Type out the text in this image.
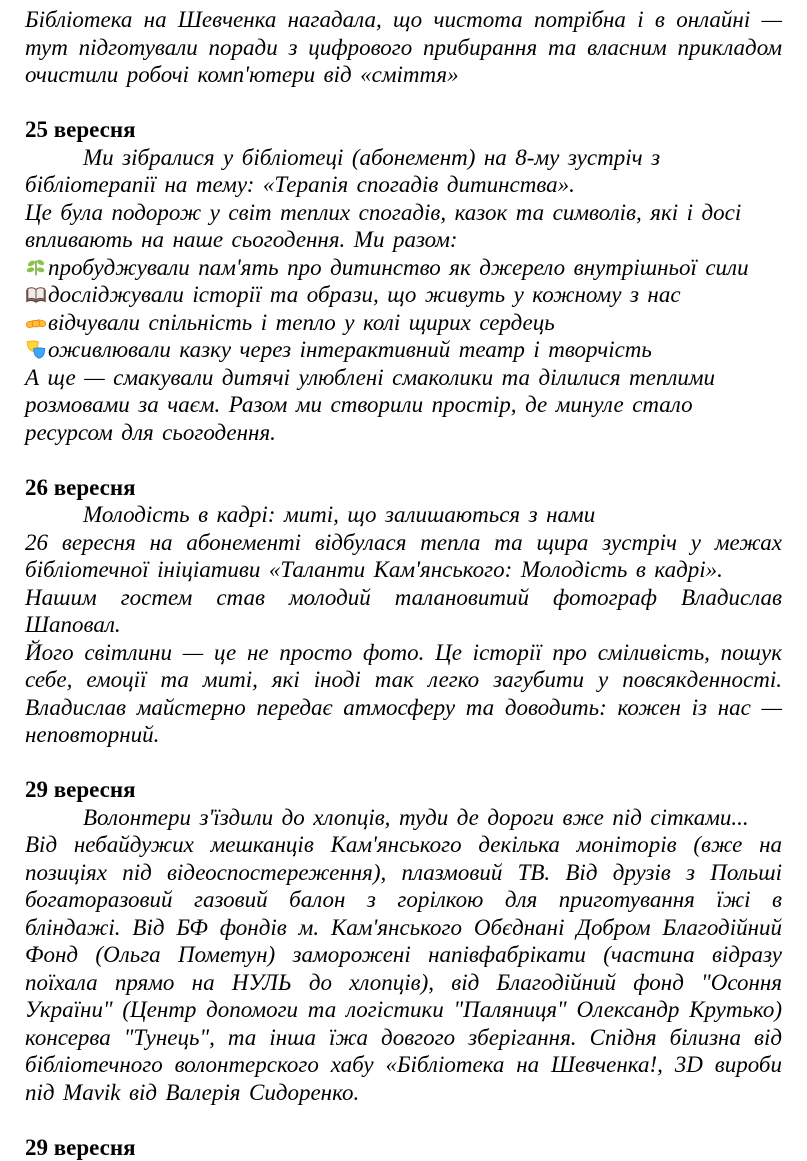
Бібліотека на Шевченка нагадала, що чистота потрібна і в онлайні — тут підготували поради з цифрового прибирання та власним прикладом очистили робочі комп'ютери від «сміття»

25 вересня

Ми зібралися у бібліотеці (абонемент) на 8-му зустріч з бібліотерапії на тему: «Терапія спогадів дитинства».

Це була подорож у світ теплих спогадів, казок та символів, які і досі впливають на наше сьогодення. Ми разом:

пробуджували пам'ять про дитинство як джерело внутрішньої сили
досліджували історії та образи, що живуть у кожному з нас
відчували спільність і тепло у колі щирих сердець
оживлювали казку через інтерактивний театр і творчість

А ще — смакували дитячі улюблені смаколики та ділилися теплими розмовами за чаєм. Разом ми створили простір, де минуле стало ресурсом для сьогодення.

26 вересня

Молодість в кадрі: миті, що залишаються з нами

26 вересня на абонементі відбулася тепла та щира зустріч у межах бібліотечної ініціативи «Таланти Кам'янського: Молодість в кадрі».

Нашим гостем став молодий талановитий фотограф Владислав Шаповал.

Його світлини — це не просто фото. Це історії про сміливість, пошук себе, емоції та миті, які іноді так легко загубити у повсякденності. Владислав майстерно передає атмосферу та доводить: кожен із нас — неповторний.

29 вересня

Волонтери з'їздили до хлопців, туди де дороги вже під сітками...

Від небайдужих мешканців Кам'янського декілька моніторів (вже на позиціях під відеоспостереження), плазмовий ТВ. Від друзів з Польші богаторазовий газовий балон з горілкою для приготування їжі в бліндажі. Від БФ фондів м. Кам'янського Обєднані Добром Благодійний Фонд (Ольга Пометун) заморожені напівфабрікати (частина відразу поїхала прямо на НУЛЬ до хлопців), від Благодійний фонд "Осоння України" (Центр допомоги та логістики "Паляниця" Олександр Крутько) консерва "Тунець", та інша їжа довгого зберігання. Спідня білизна від бібліотечного волонтерского хабу «Бібліотека на Шевченка!, 3D вироби під Mavik від Валерія Сидоренко.

29 вересня
